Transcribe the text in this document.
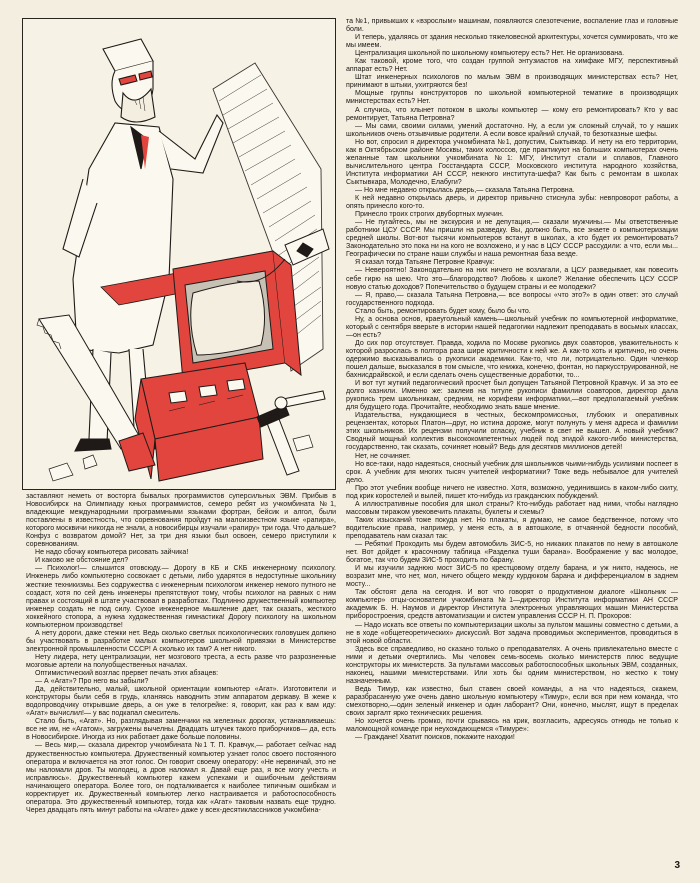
заставляют неметь от восторга бывалых программистов суперсильных ЭВМ. Прибыв в Новосибирск на Олимпиаду юных программистов, семеро ребят из учкомбината №1, владеющие международными программными языками фортран, бейсик и алгол, были поставлены в известность, что соревнования пройдут на малоизвестном языке «рапира», которого москвичи никогда не знали, а новосибирцы изучали «рапиру» три года. Что дальше? Конфуз с возвратом домой? Нет, за три дня языки был освоен, семеро приступили к соревнованиям.

Не надо сбочку компьютера рисовать зайчика!

И каково же обстояние дел?

— Психолог!— слышится отовсюду.— Дорогу в КБ и СКБ инженерному психологу. Инженерь либо компьютерно сосвокает с детьми, либо ударятся в недоступные школьнику жесткие техникизмы. Без содружества с инженерным психологом инженер немого путного не создаст, хотя по сей день инженеры препятствуют тому, чтобы психолог на равных с ним правах и состоящий в штате участвовал в разработках. Подлинно дружественный компьютер инженер создать не под силу. Сухое инженерное мышление дает, так сказать, жесткого хоккейного стопора, а нужна художественная гимнастика! Дорогу психологу на школьном компьютерном производстве!

А нету дороги, даже стежки нет. Ведь сколько светлых психологических головушек должно бы участвовать в разработке малых компьютеров школьной привязки в Министерстве электронной промышленности СССР! А сколько их там? А нет никого.

Нету лидера, нету централизации, нет мозгового треста, а есть разве что разрозненные мозговые артели на полуобщественных началах.

Оптимистический возглас прервет печать этих абзацев:

— А «Агат»? Про него вы забыли?

Да, действительно, малый, школьной ориентации компьютер «Агат». Изготовители и конструкторы были себя в грудь, кланяясь наводнить этим аппаратом державу. В жеже к водопроводчику открывшие дверь, а он уже в телогрейке: я, говорит, как раз к вам иду: «Агат» вычислил!— у вас подкапал смеситель.

Стало быть, «Агат». Но, разглядывая заменчики на железных дорогах, устанавливаешь: все не им, не «Агатом», загружены вычелны. Двадцать штучек такого приборчиков— да, есть в Новосибирске. Иногда из них работает даже больше половины.

— Весь мир,— сказала директор учкомбината №1 Т. П. Кравчук,— работает сейчас над дружественностью компьютера. Дружественный компьютер узнает голос своего постоянного оператора и включается на этот голос. Он говорит своему оператору: «Не нервничай, это не мы наломали дров. Ты молодец, а дров наломал я. Давай еще раз, я все могу учесть и исправлюсь». Дружественный компьютер кажем успехами и ошибочным действиям начинающего оператора. Более того, он подталкивается к наиболее типичным ошибкам и корректирует их. Дружественный компьютер легко настраивается и работоспособность оператора. Это дружественный компьютер, тогда как «Агат» таковым назвать еще трудно. Через двадцать пять минут работы на «Агате» даже у всех-десятиклассников учкомбина-

та №1, привыкших к «взрослым» машинам, появляются слезотечение, воспаление глаз и головные боли.

И теперь, удаляясь от здания несколько тяжеловесной архитектуры, хочется суммировать, что же мы имеем.

Централизация школьной по школьному компьютеру есть? Нет. Не организована.

Как таковой, кроме того, что создан группой энтузиастов на химфаке МГУ, перспективный аппарат есть? Нет.

Штат инженерных психологов по малым ЭВМ в производящих министерствах есть? Нет, принимают в штыки, ухитряются без!

Мощные группы конструкторов по школьной компьютерной тематике в производящих министерствах есть? Нет.

А случись, что хлынет потоком в школы компьютер — кому его ремонтировать? Кто у вас ремонтирует, Татьяна Петровна?

— Мы сами, своими силами, умений достаточно. Ну, а если уж сложный случай, то у наших школьников очень отзывчивые родители. А если вовсе крайний случай, то безотказные шефы.

Но вот, спросил я директора учкомбината №1, допустим, Сыктывкар. И нету на его территории, как в Октябрьском районе Москвы, таких колоссов, где практикуют на больших компьютерах очень желанные там школьники учкомбината №1: МГУ, Институт стали и сплавов, Главного вычислительного центра Госстандарта СССР, Московского института народного хозяйства, Института информатики АН СССР, нежного института-шефа? Как быть с ремонтам в школах Сыктывкара, Молодечно, Елабуги?

— Но мне недавно открылась дверь,— сказала Татьяна Петровна.

К ней недавно открылась дверь, и директор привычно стиснула зубы: невпроворот работы, а опять принесло кого-то.

Принесло троих строгих двубортных мужчин.

— Не пугайтесь, мы не экскурсия и не депутация,— сказали мужчины.— Мы ответственные работники ЦСУ СССР. Мы пришли на разведку. Вы, должно быть, все знаете о компьютеризации средней школы. Вот-вот тысячи компьютеров встанут в школах, а кто будет их ремонтировать? Законодательно это пока ни на кого не возложено, и у нас в ЦСУ СССР рассудили: а что, если мы... Географически по стране наши службы и наша ремонтная база везде.

Я сказал тогда Татьяне Петровне Кравчук:

— Невероятно! Законодательно на них ничего не возлагали, а ЦСУ разведывает, как повесить себе гирю на шею. Что это—благородство? Любовь к школе? Желание обеспечить ЦСУ СССР новую статью доходов? Попечительство о будущем страны и ее молодежи?

— Я, право,— сказала Татьяна Петровна,— все вопросы «что это?» в один ответ: это случай государственного подхода.

Стало быть, ремонтировать будет кому, было бы что.

Ну, а основа основ, краеугольный камень—школьный учебник по компьютерной информатике, который с сентября вверьте в истории нашей педагогики надлежит преподавать в восьмых классах,—он есть?

До сих пор отсутствует. Правда, ходила по Москве рукопись двух соавторов, уважительность к которой разрослась в полтора раза шире критичности к ней же. А как-то хоть и критично, но очень одержимо высказывались о рукописи академики. Как-то, что ли, потрицательно. Один членкор пошел дальше, высказался в том смысле, что книжка, конечно, фонтан, но паркусструированной, не бахнисдрайвской, и если сделать очень существенные доработки, то...

И вот тут жуткий педагогический просчет был допущен Татьяной Петровной Кравчук. И за это ее долго казнили. Именно же: заклеив на титуле рукописи фамилии соавторов, директор дала рукопись трем школьникам, средним, не корифеям информатики,—вот предполагаемый учебник для будущего года. Прочитайте, необходимо знать ваше мнение.

Издательства, нуждающиеся в честных, бескомпромиссных, глубоких и оперативных рецензентах, которых Платон—друг, но истина дороже, могут полунуть у меня адреса и фамилии этих школьников. Их рецензии получили огласку, учебник в свет не вышел. А новый учебник? Сводный мощный коллектив высококомпетентных людей под эгидой какого-либо министерства, государственно, так сказать, сочиняет новый? Ведь для десятков миллионов детей!

Нет, не сочиняет.

Но все-таки, надо надеяться, сносный учебник для школьников чьими-нибудь усилиями поспеет в срок. А учебник для многих тысяч учителей информатики? Тоже ведь небывалое для учителей дело.

Про этот учебник вообще ничего не известно. Хотя, возможно, уединившись в каком-либо скиту, под крик коростелей и вылей, пишет кто-нибудь из гражданских побуждений.

А иллюстративные пособия для школ страны? Кто-нибудь работает над ними, чтобы наглядно массовым тиражом увековечить плакаты, буклеты и схемы?

Таких изысканий тоже покуда нет. Но плакаты, я думаю, не самое бедственное, потому что водительские права, например, у меня есть, а в автошколе, в отчаянной бедности пособий, преподаватель нам сказал так:

— Ребятки! Проходить мы будем автомобиль ЗИС-5, но никаких плакатов по нему в автошколе нет. Вот дойдет к красочному таблица «Разделка туши барана». Воображение у вас молодое, богатое, так что будем ЗИС-5 проходить по барану.

И мы изучили заднюю мост ЗИС-5 по крестцовому отделу барана, и уж никто, надеюсь, не возразит мне, что нет, мол, ничего общего между курдюком барана и дифференциалом в заднем мосту...

Так обстоят дела на сегодня. И вот что говорят о продуктивном диалоге «Школьник — компьютер» отцы-основатели учкомбината №1—директор Института информатики АН СССР академик Б. Н. Наумов и директор Института электронных управляющих машин Министерства приборостроения, средств автоматизации и систем управления СССР Н. П. Прохоров:

— Надо искать все ответы по компьютеризации школы за пультом машины совместно с детьми, а не в ходе «общетеоретических» дискуссий. Вот задача проводимых экспериментов, проводиться в этой новой области.

Здесь все справедливо, но сказано только о преподавателях. А очень привлекательно вместе с ними и детьми очертились. Мы человек семь-восемь сколько министерств плюс ведущие конструкторы их министерств. За пультами массовых работоспособных школьных ЭВМ, созданных, наконец, нашими министерствами. Или хоть бы одним министерством, но жестко к тому назначенным.

Ведь Тимур, как известно, был ставен своей команды, а на что надеяться, скажем, раразбрасанную уже очень давно школьную компьютеру «Тимур», если вся при нем команда, что смехотворно,—один зеленый инженер и один лаборант? Они, конечно, мыслят, ищут в пределах своих заргалт ярко технических решения.

Но хочется очень громко, почти срываясь на крик, возгласить, адресуясь отнюдь не только к маломощной команде при неухождающемся «Тимуре»:

— Граждане! Хватит поисков, покажите находки!

3
